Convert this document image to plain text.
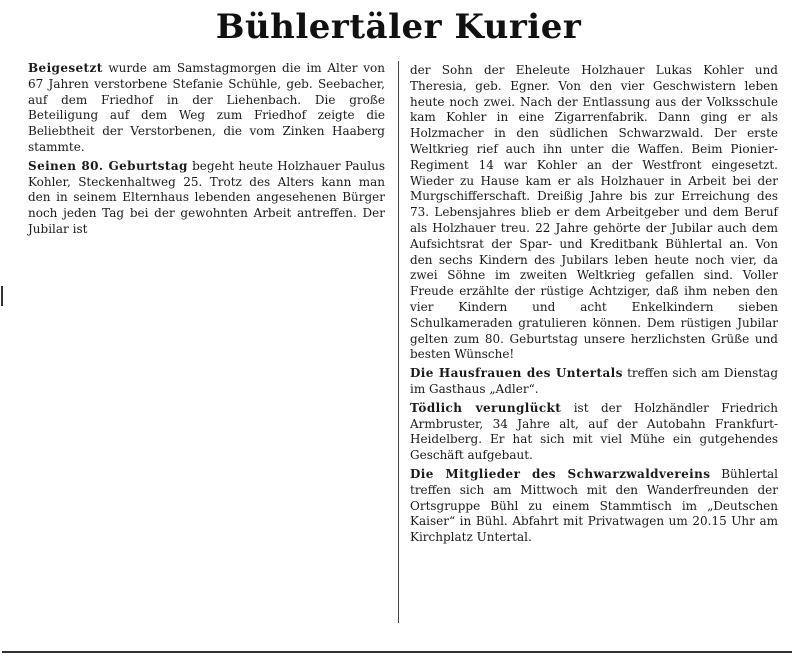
Bühlertäler Kurier

Beigesetzt wurde am Samstagmorgen die im Alter von 67 Jahren verstorbene Stefanie Schühle, geb. Seebacher, auf dem Friedhof in der Liehenbach. Die große Beteiligung auf dem Weg zum Friedhof zeigte die Beliebtheit der Verstorbenen, die vom Zinken Haaberg stammte.

Seinen 80. Geburtstag begeht heute Holzhauer Paulus Kohler, Steckenhaltweg 25. Trotz des Alters kann man den in seinem Elternhaus lebenden angesehenen Bürger noch jeden Tag bei der gewohnten Arbeit antreffen. Der Jubilar ist

der Sohn der Eheleute Holzhauer Lukas Kohler und Theresia, geb. Egner. Von den vier Geschwistern leben heute noch zwei. Nach der Entlassung aus der Volksschule kam Kohler in eine Zigarrenfabrik. Dann ging er als Holzmacher in den südlichen Schwarzwald. Der erste Weltkrieg rief auch ihn unter die Waffen. Beim Pionier-Regiment 14 war Kohler an der Westfront eingesetzt. Wieder zu Hause kam er als Holzhauer in Arbeit bei der Murgschifferschaft. Dreißig Jahre bis zur Erreichung des 73. Lebensjahres blieb er dem Arbeitgeber und dem Beruf als Holzhauer treu. 22 Jahre gehörte der Jubilar auch dem Aufsichtsrat der Spar- und Kreditbank Bühlertal an. Von den sechs Kindern des Jubilars leben heute noch vier, da zwei Söhne im zweiten Weltkrieg gefallen sind. Voller Freude erzählte der rüstige Achtziger, daß ihm neben den vier Kindern und acht Enkelkindern sieben Schulkameraden gratulieren können. Dem rüstigen Jubilar gelten zum 80. Geburtstag unsere herzlichsten Grüße und besten Wünsche!

Die Hausfrauen des Untertals treffen sich am Dienstag im Gasthaus „Adler“.

Tödlich verunglückt ist der Holzhändler Friedrich Armbruster, 34 Jahre alt, auf der Autobahn Frankfurt-Heidelberg. Er hat sich mit viel Mühe ein gutgehendes Geschäft aufgebaut.

Die Mitglieder des Schwarzwaldvereins Bühlertal treffen sich am Mittwoch mit den Wanderfreunden der Ortsgruppe Bühl zu einem Stammtisch im „Deutschen Kaiser“ in Bühl. Abfahrt mit Privatwagen um 20.15 Uhr am Kirchplatz Untertal.
